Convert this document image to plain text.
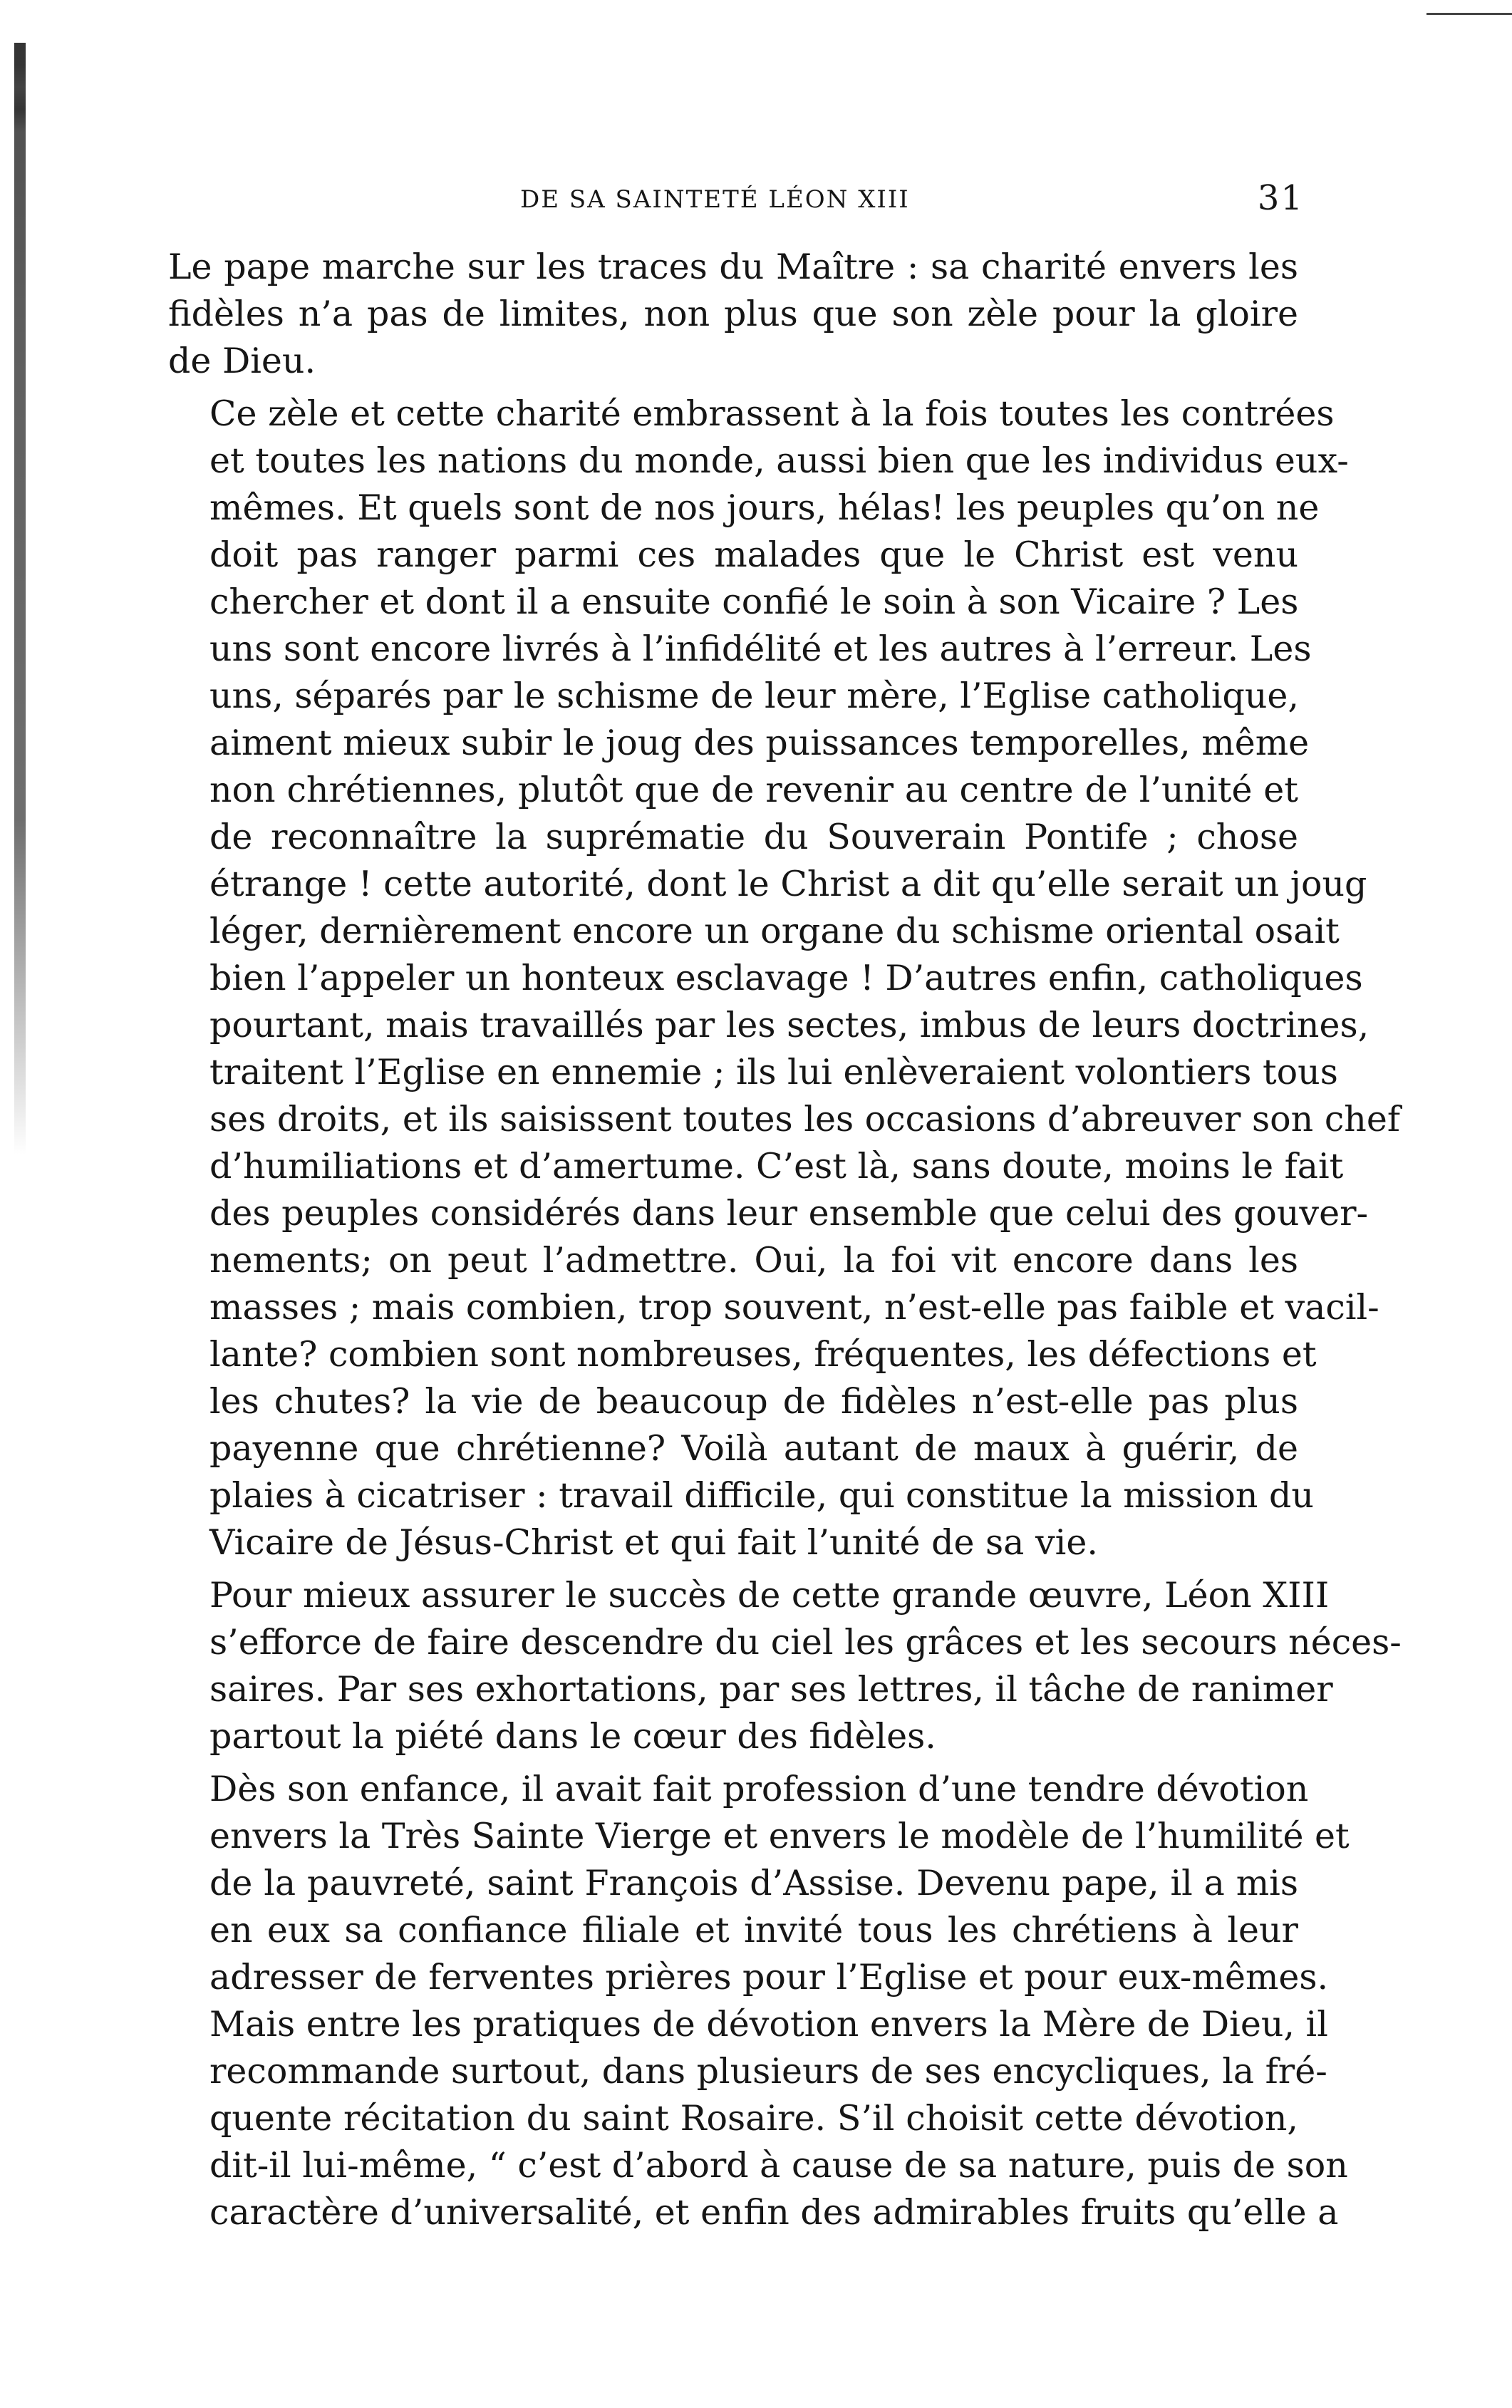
DE SA SAINTETÉ LÉON XIII	31

Le pape marche sur les traces du Maître : sa charité envers les
fidèles n’a pas de limites, non plus que son zèle pour la gloire
de Dieu.

Ce zèle et cette charité embrassent à la fois toutes les contrées
et toutes les nations du monde, aussi bien que les individus eux-
mêmes. Et quels sont de nos jours, hélas! les peuples qu’on ne
doit pas ranger parmi ces malades que le Christ est venu
chercher et dont il a ensuite confié le soin à son Vicaire ? Les
uns sont encore livrés à l’infidélité et les autres à l’erreur. Les
uns, séparés par le schisme de leur mère, l’Eglise catholique,
aiment mieux subir le joug des puissances temporelles, même
non chrétiennes, plutôt que de revenir au centre de l’unité et
de reconnaître la suprématie du Souverain Pontife ; chose
étrange ! cette autorité, dont le Christ a dit qu’elle serait un joug
léger, dernièrement encore un organe du schisme oriental osait
bien l’appeler un honteux esclavage ! D’autres enfin, catholiques
pourtant, mais travaillés par les sectes, imbus de leurs doctrines,
traitent l’Eglise en ennemie ; ils lui enlèveraient volontiers tous
ses droits, et ils saisissent toutes les occasions d’abreuver son chef
d’humiliations et d’amertume. C’est là, sans doute, moins le fait
des peuples considérés dans leur ensemble que celui des gouver-
nements; on peut l’admettre. Oui, la foi vit encore dans les
masses ; mais combien, trop souvent, n’est-elle pas faible et vacil-
lante? combien sont nombreuses, fréquentes, les défections et
les chutes? la vie de beaucoup de fidèles n’est-elle pas plus
payenne que chrétienne? Voilà autant de maux à guérir, de
plaies à cicatriser : travail difficile, qui constitue la mission du
Vicaire de Jésus-Christ et qui fait l’unité de sa vie.

Pour mieux assurer le succès de cette grande œuvre, Léon XIII
s’efforce de faire descendre du ciel les grâces et les secours néces-
saires. Par ses exhortations, par ses lettres, il tâche de ranimer
partout la piété dans le cœur des fidèles.

Dès son enfance, il avait fait profession d’une tendre dévotion
envers la Très Sainte Vierge et envers le modèle de l’humilité et
de la pauvreté, saint François d’Assise. Devenu pape, il a mis
en eux sa confiance filiale et invité tous les chrétiens à leur
adresser de ferventes prières pour l’Eglise et pour eux-mêmes.
Mais entre les pratiques de dévotion envers la Mère de Dieu, il
recommande surtout, dans plusieurs de ses encycliques, la fré-
quente récitation du saint Rosaire. S’il choisit cette dévotion,
dit-il lui-même, “ c’est d’abord à cause de sa nature, puis de son
caractère d’universalité, et enfin des admirables fruits qu’elle a
